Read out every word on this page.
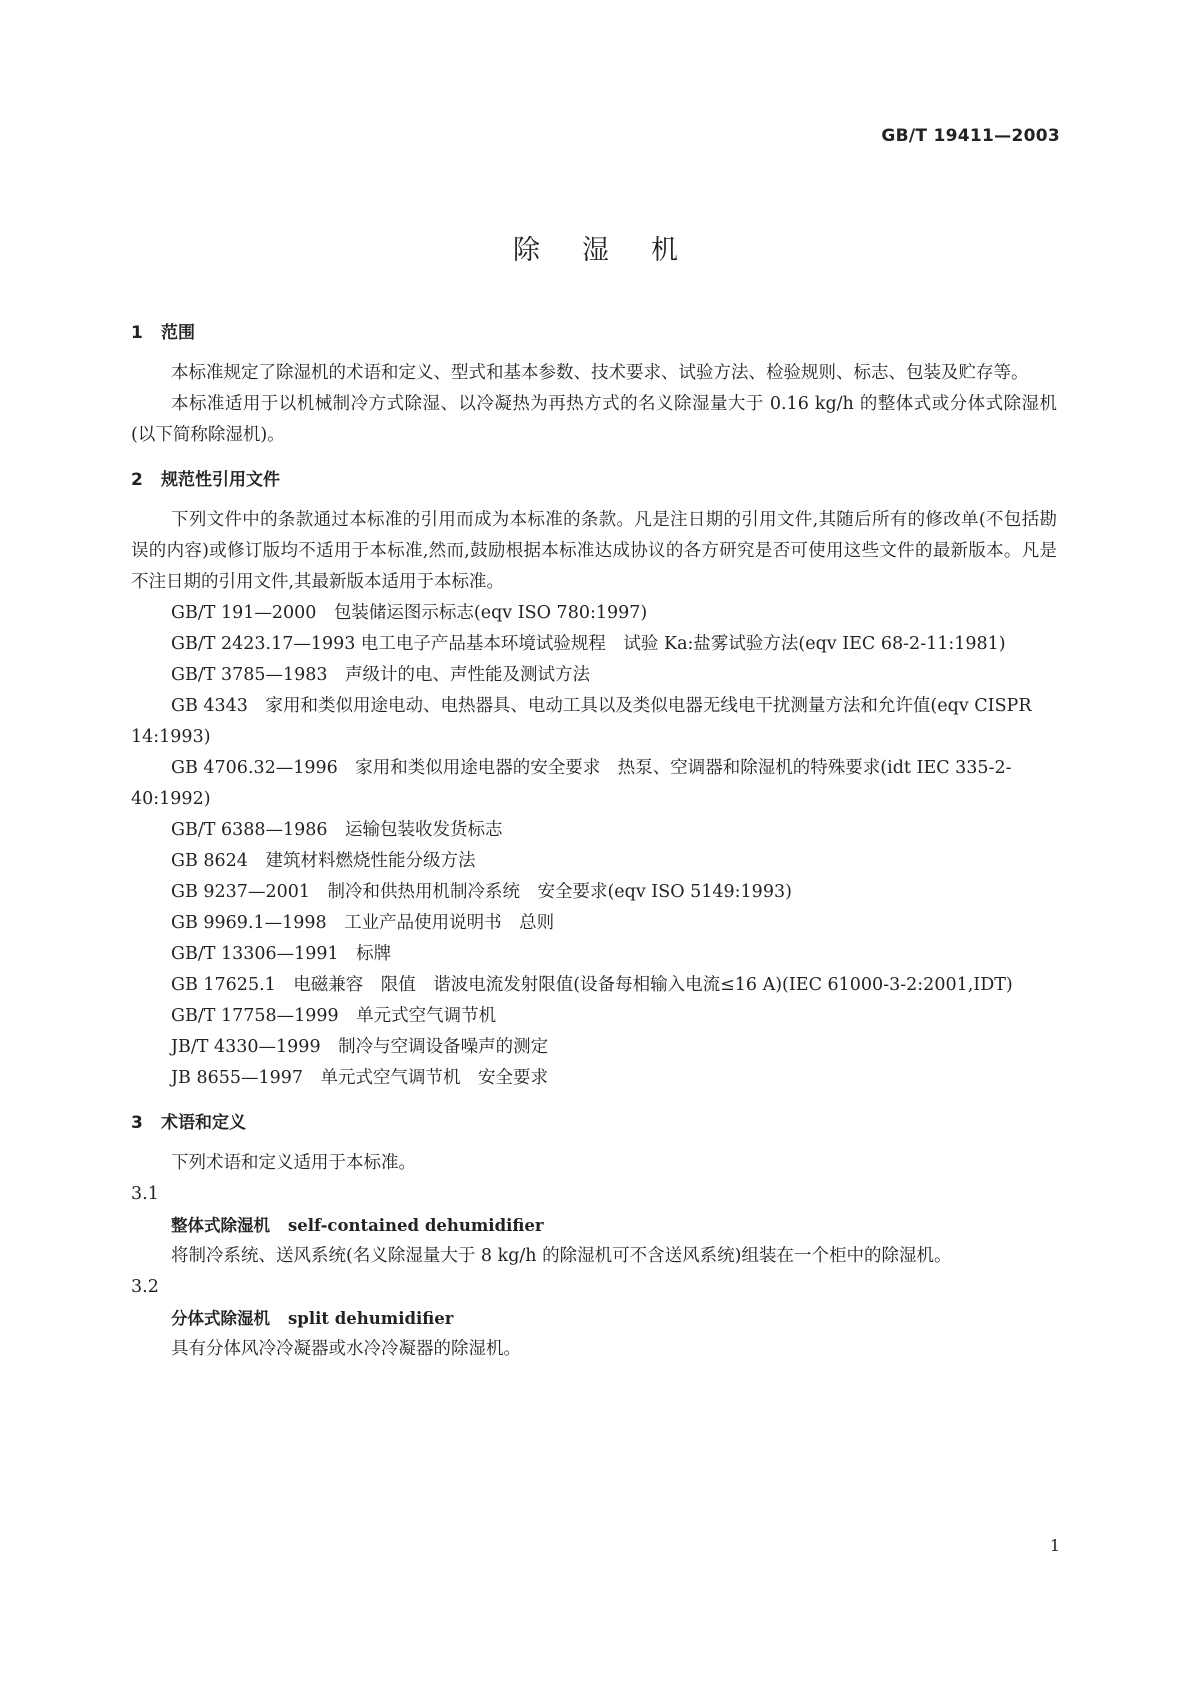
GB/T 19411—2003
除湿机

1 范围

本标准规定了除湿机的术语和定义、型式和基本参数、技术要求、试验方法、检验规则、标志、包装及贮存等。

本标准适用于以机械制冷方式除湿、以冷凝热为再热方式的名义除湿量大于 0.16 kg/h 的整体式或分体式除湿机(以下简称除湿机)。

2 规范性引用文件

下列文件中的条款通过本标准的引用而成为本标准的条款。凡是注日期的引用文件,其随后所有的修改单(不包括勘误的内容)或修订版均不适用于本标准,然而,鼓励根据本标准达成协议的各方研究是否可使用这些文件的最新版本。凡是不注日期的引用文件,其最新版本适用于本标准。

GB/T 191—2000　包装储运图示标志(eqv ISO 780:1997)

GB/T 2423.17—1993 电工电子产品基本环境试验规程　试验 Ka:盐雾试验方法(eqv IEC 68-2-11:1981)

GB/T 3785—1983　声级计的电、声性能及测试方法

GB 4343　家用和类似用途电动、电热器具、电动工具以及类似电器无线电干扰测量方法和允许值(eqv CISPR 14:1993)

GB 4706.32—1996　家用和类似用途电器的安全要求　热泵、空调器和除湿机的特殊要求(idt IEC 335-2-40:1992)

GB/T 6388—1986　运输包装收发货标志

GB 8624　建筑材料燃烧性能分级方法

GB 9237—2001　制冷和供热用机制冷系统　安全要求(eqv ISO 5149:1993)

GB 9969.1—1998　工业产品使用说明书　总则

GB/T 13306—1991　标牌

GB 17625.1　电磁兼容　限值　谐波电流发射限值(设备每相输入电流≤16 A)(IEC 61000-3-2:2001,IDT)

GB/T 17758—1999　单元式空气调节机

JB/T 4330—1999　制冷与空调设备噪声的测定

JB 8655—1997　单元式空气调节机　安全要求

3 术语和定义

下列术语和定义适用于本标准。

3.1

整体式除湿机 self-contained dehumidifier

将制冷系统、送风系统(名义除湿量大于 8 kg/h 的除湿机可不含送风系统)组装在一个柜中的除湿机。

3.2

分体式除湿机 split dehumidifier

具有分体风冷冷凝器或水冷冷凝器的除湿机。

1
